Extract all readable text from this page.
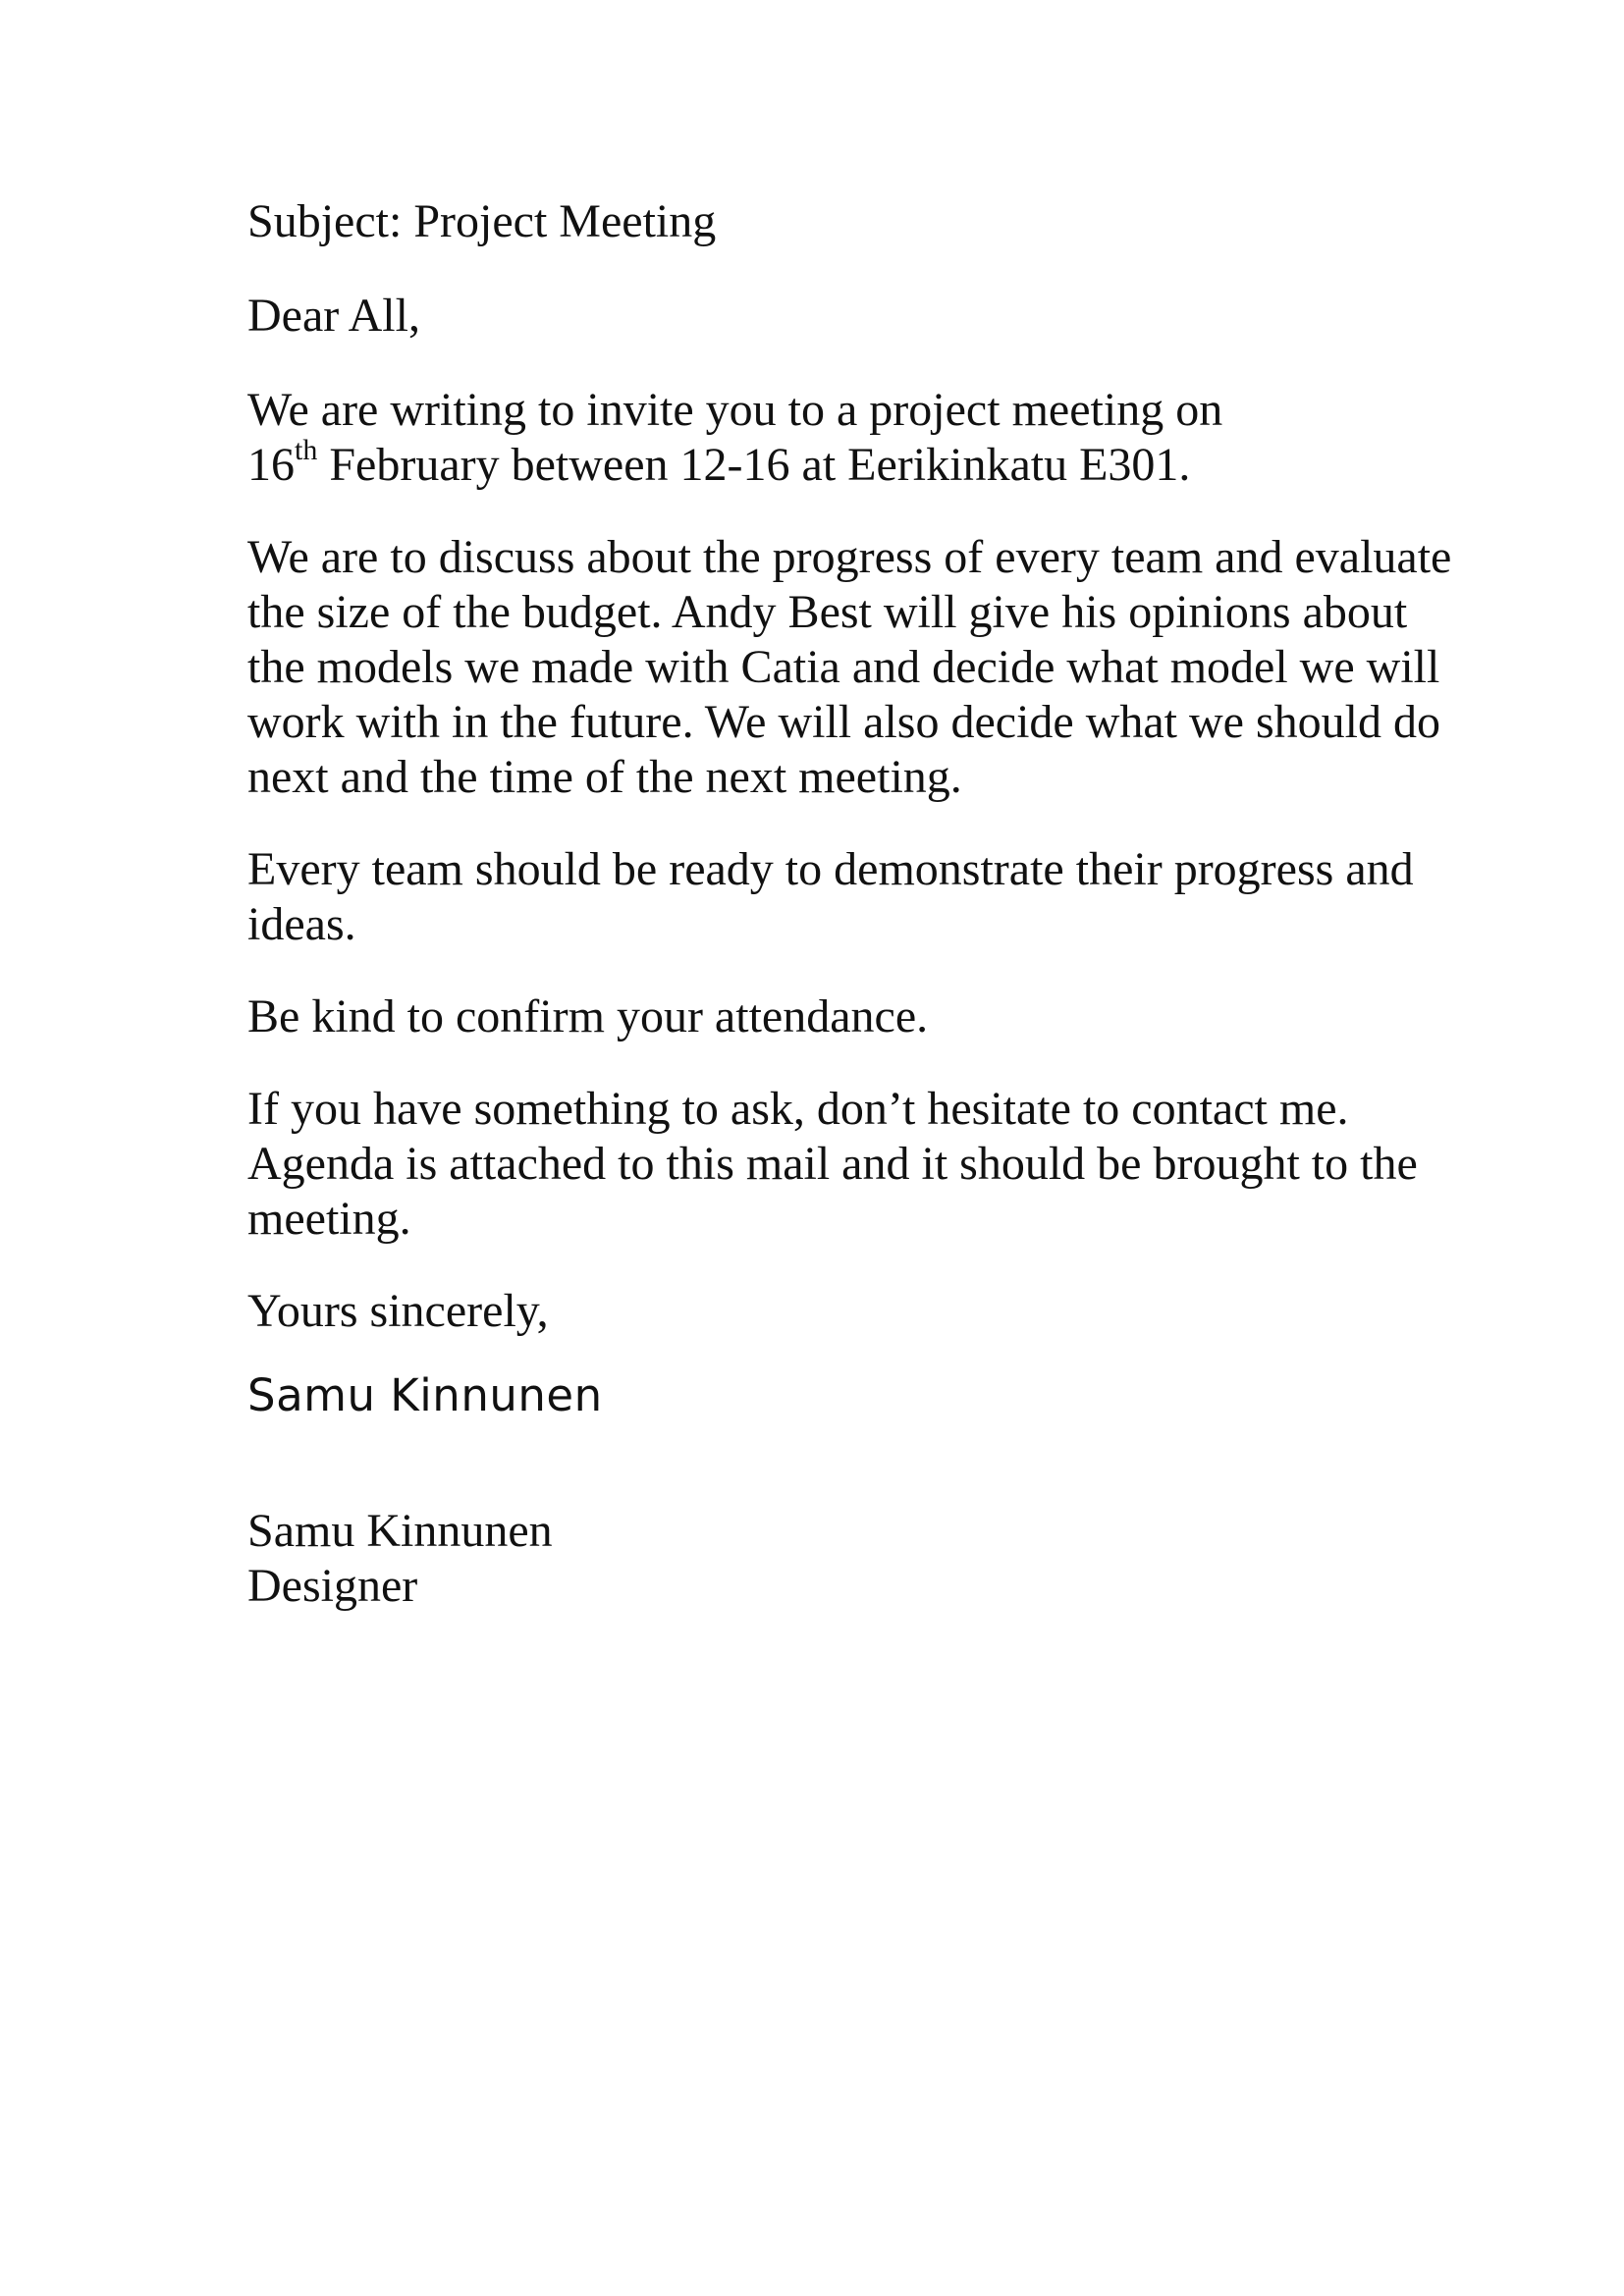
Subject: Project Meeting

Dear All,

We are writing to invite you to a project meeting on
16th February between 12-16 at Eerikinkatu E301.

We are to discuss about the progress of every team and evaluate the size of the budget. Andy Best will give his opinions about the models we made with Catia and decide what model we will work with in the future. We will also decide what we should do next and the time of the next meeting.

Every team should be ready to demonstrate their progress and ideas.

Be kind to confirm your attendance.

If you have something to ask, don’t hesitate to contact me. Agenda is attached to this mail and it should be brought to the meeting.

Yours sincerely,

Samu Kinnunen

Samu Kinnunen
Designer
